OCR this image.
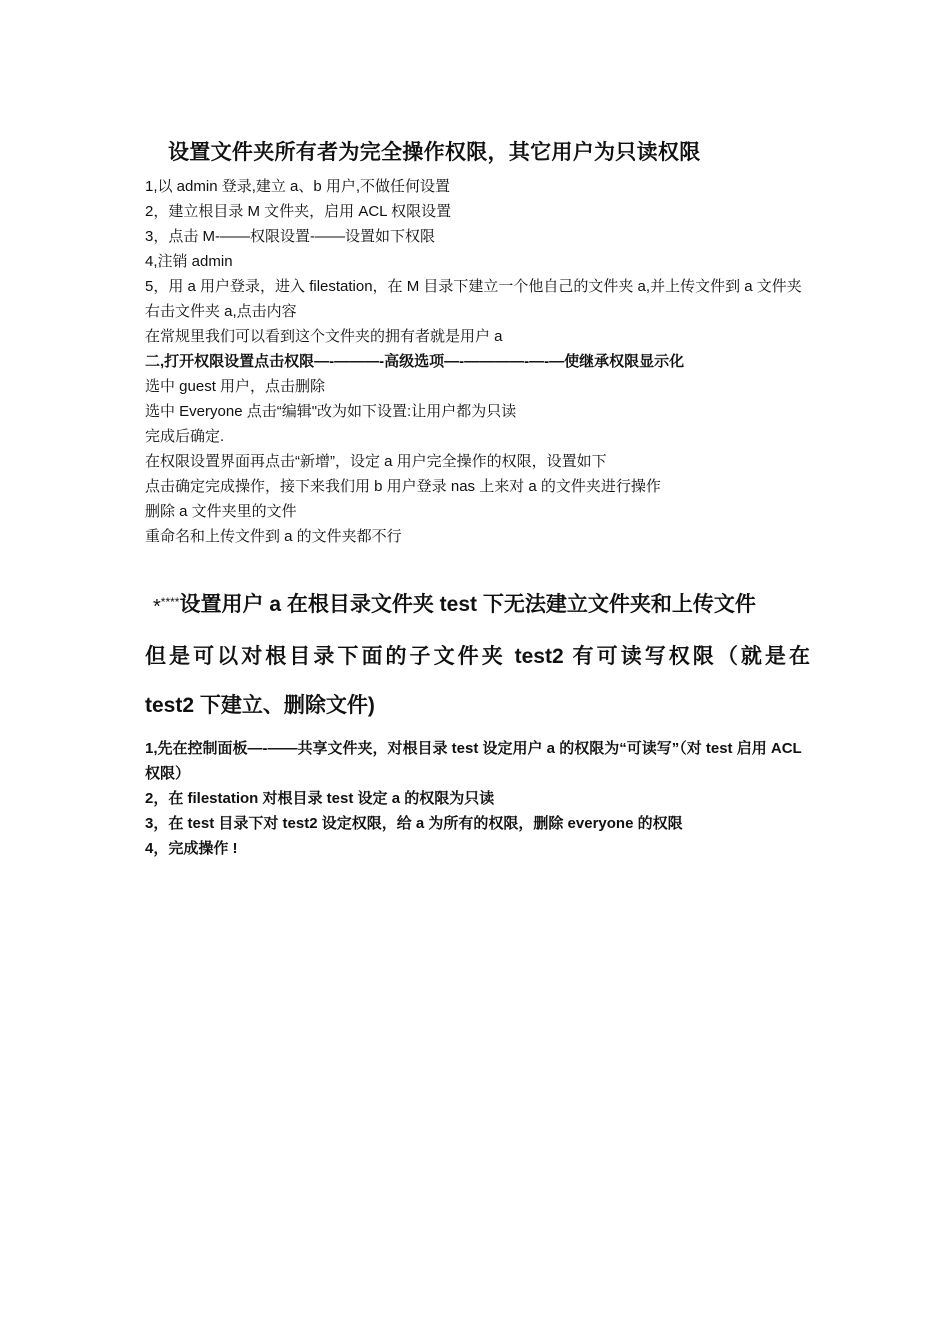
设置文件夹所有者为完全操作权限，其它用户为只读权限

1,以 admin 登录,建立 a、b 用户,不做任何设置

2，建立根目录 M 文件夹，启用 ACL 权限设置

3，点击 M-——权限设置-——设置如下权限

4,注销 admin

5，用 a 用户登录，进入 filestation，在 M 目录下建立一个他自己的文件夹 a,并上传文件到 a 文件夹

右击文件夹 a,点击内容

在常规里我们可以看到这个文件夹的拥有者就是用户 a

二,打开权限设置点击权限—-———-高级选项—-————-—-—使继承权限显示化

选中 guest 用户，点击删除

选中 Everyone 点击“编辑"改为如下设置:让用户都为只读

完成后确定.

在权限设置界面再点击“新增”，设定 a 用户完全操作的权限，设置如下

点击确定完成操作，接下来我们用 b 用户登录 nas 上来对 a 的文件夹进行操作

删除 a 文件夹里的文件

重命名和上传文件到 a 的文件夹都不行

*****设置用户 a 在根目录文件夹 test 下无法建立文件夹和上传文件
但是可以对根目录下面的子文件夹 test2 有可读写权限（就是在
test2 下建立、删除文件)

1,先在控制面板—-——共享文件夹，对根目录 test 设定用户 a 的权限为“可读写”（对 test 启用 ACL 权限）

2，在 filestation 对根目录 test 设定 a 的权限为只读

3，在 test 目录下对 test2 设定权限，给 a 为所有的权限，删除 everyone 的权限

4，完成操作 !
